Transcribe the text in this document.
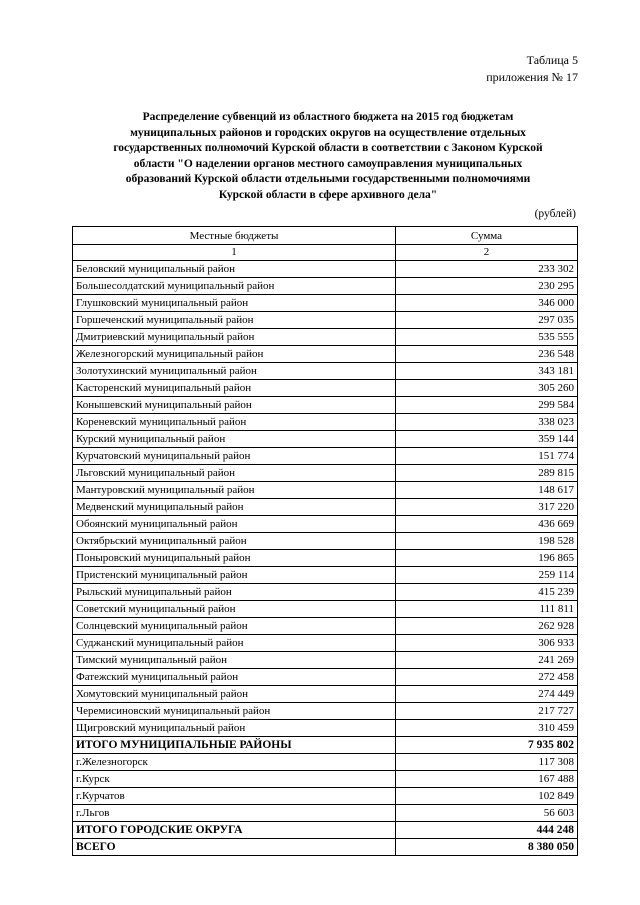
Таблица 5
приложения № 17
Распределение субвенций из областного бюджета на 2015 год бюджетам
муниципальных районов и городских округов на осуществление отдельных
государственных полномочий Курской области в соответствии с Законом Курской
области "О наделении органов местного самоуправления муниципальных
образований Курской области отдельными государственными полномочиями
Курской области в сфере архивного дела"
(рублей)
Местные бюджеты	Сумма
1	2
Беловский муниципальный район	233 302
Большесолдатский муниципальный район	230 295
Глушковский муниципальный район	346 000
Горшеченский муниципальный район	297 035
Дмитриевский муниципальный район	535 555
Железногорский муниципальный район	236 548
Золотухинский муниципальный район	343 181
Касторенский муниципальный район	305 260
Конышевский муниципальный район	299 584
Кореневский муниципальный район	338 023
Курский муниципальный район	359 144
Курчатовский муниципальный район	151 774
Льговский муниципальный район	289 815
Мантуровский муниципальный район	148 617
Медвенский муниципальный район	317 220
Обоянский муниципальный район	436 669
Октябрьский муниципальный район	198 528
Поныровский муниципальный район	196 865
Пристенский муниципальный район	259 114
Рыльский муниципальный район	415 239
Советский муниципальный район	111 811
Солнцевский муниципальный район	262 928
Суджанский муниципальный район	306 933
Тимский муниципальный район	241 269
Фатежский муниципальный район	272 458
Хомутовский муниципальный район	274 449
Черемисиновский муниципальный район	217 727
Щигровский муниципальный район	310 459
ИТОГО МУНИЦИПАЛЬНЫЕ РАЙОНЫ	7 935 802
г.Железногорск	117 308
г.Курск	167 488
г.Курчатов	102 849
г.Льгов	56 603
ИТОГО ГОРОДСКИЕ ОКРУГА	444 248
ВСЕГО	8 380 050
